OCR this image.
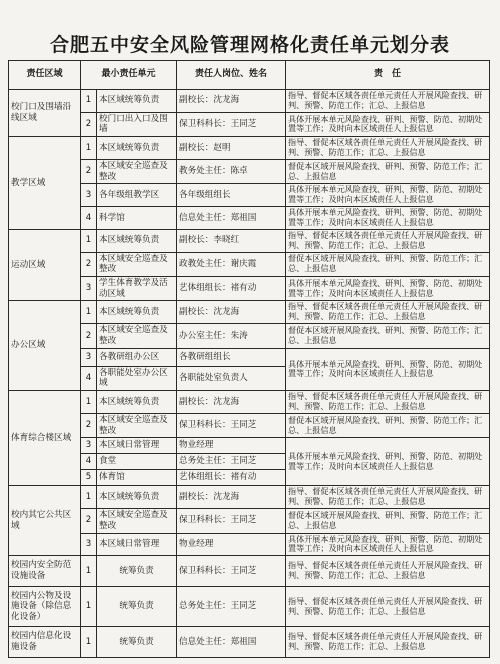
合肥五中安全风险管理网格化责任单元划分表
责任区域	最小责任单元		责任人岗位、姓名	责　任
校门口及围墙沿线区域	1	本区域统筹负责	副校长：沈龙海	指导、督促本区域各责任单元责任人开展风险查找、研判、预警、防范工作；汇总、上报信息
	2	校门口出入口及围墙	保卫科科长：王同芝	具体开展本单元风险查找、研判、预警、防范、初期处置等工作；及时向本区域责任人上报信息
教学区域	1	本区域统筹负责	副校长：赵明	指导、督促本区域各责任单元责任人开展风险查找、研判、预警、防范工作；汇总、上报信息
	2	本区域安全巡查及整改	教务处主任：陈卓	督促本区域开展风险查找、研判、预警、防范工作；汇总、上报信息
	3	各年级组教学区	各年级组组长	具体开展本单元风险查找、研判、预警、防范、初期处置等工作；及时向本区域责任人上报信息
	4	科学馆	信息处主任：郑祖国	具体开展本单元风险查找、研判、预警、防范、初期处置等工作；及时向本区域责任人上报信息
运动区域	1	本区域统筹负责	副校长：李晓红	指导、督促本区域各责任单元责任人开展风险查找、研判、预警、防范工作；汇总、上报信息
	2	本区域安全巡查及整改	政教处主任：谢庆霞	督促本区域开展风险查找、研判、预警、防范工作；汇总、上报信息
	3	学生体育教学及活动区域	艺体组组长：褚有动	具体开展本单元风险查找、研判、预警、防范、初期处置等工作；及时向本区域责任人上报信息
办公区域	1	本区域统筹负责	副校长：沈龙海	指导、督促本区域各责任单元责任人开展风险查找、研判、预警、防范工作；汇总、上报信息
	2	本区域安全巡查及整改	办公室主任：朱涛	督促本区域开展风险查找、研判、预警、防范工作；汇总、上报信息
	3	各教研组办公区	各教研组组长	具体开展本单元风险查找、研判、预警、防范、初期处置等工作；及时向本区域责任人上报信息
	4	各职能处室办公区域	各职能处室负责人	
体育综合楼区域	1	本区域统筹负责	副校长：沈龙海	指导、督促本区域各责任单元责任人开展风险查找、研判、预警、防范工作；汇总、上报信息
	2	本区域安全巡查及整改	保卫科科长：王同芝	督促本区域开展风险查找、研判、预警、防范工作；汇总、上报信息
	3	本区域日常管理	物业经理	具体开展本单元风险查找、研判、预警、防范、初期处置等工作；及时向本区域责任人上报信息
	4	食堂	总务处主任：王同芝	
	5	体育馆	艺体组组长：褚有动	
校内其它公共区域	1	本区域统筹负责	副校长：沈龙海	指导、督促本区域各责任单元责任人开展风险查找、研判、预警、防范工作；汇总、上报信息
	2	本区域安全巡查及整改	保卫科科长：王同芝	督促本区域开展风险查找、研判、预警、防范工作；汇总、上报信息
	3	本区域日常管理	物业经理	具体开展本单元风险查找、研判、预警、防范、初期处置等工作；及时向本区域责任人上报信息
校园内安全防范设施设备	1	统筹负责	保卫科科长：王同芝	指导、督促本区域各责任单元责任人开展风险查找、研判、预警、防范工作；汇总、上报信息
校园内公物及设施设备（除信息化设备）	1	统筹负责	总务处主任：王同芝	指导、督促本区域各责任单元责任人开展风险查找、研判、预警、防范工作；汇总、上报信息
校园内信息化设施设备	1	统筹负责	信息处主任：郑祖国	指导、督促本区域各责任单元责任人开展风险查找、研判、预警、防范工作；汇总、上报信息
